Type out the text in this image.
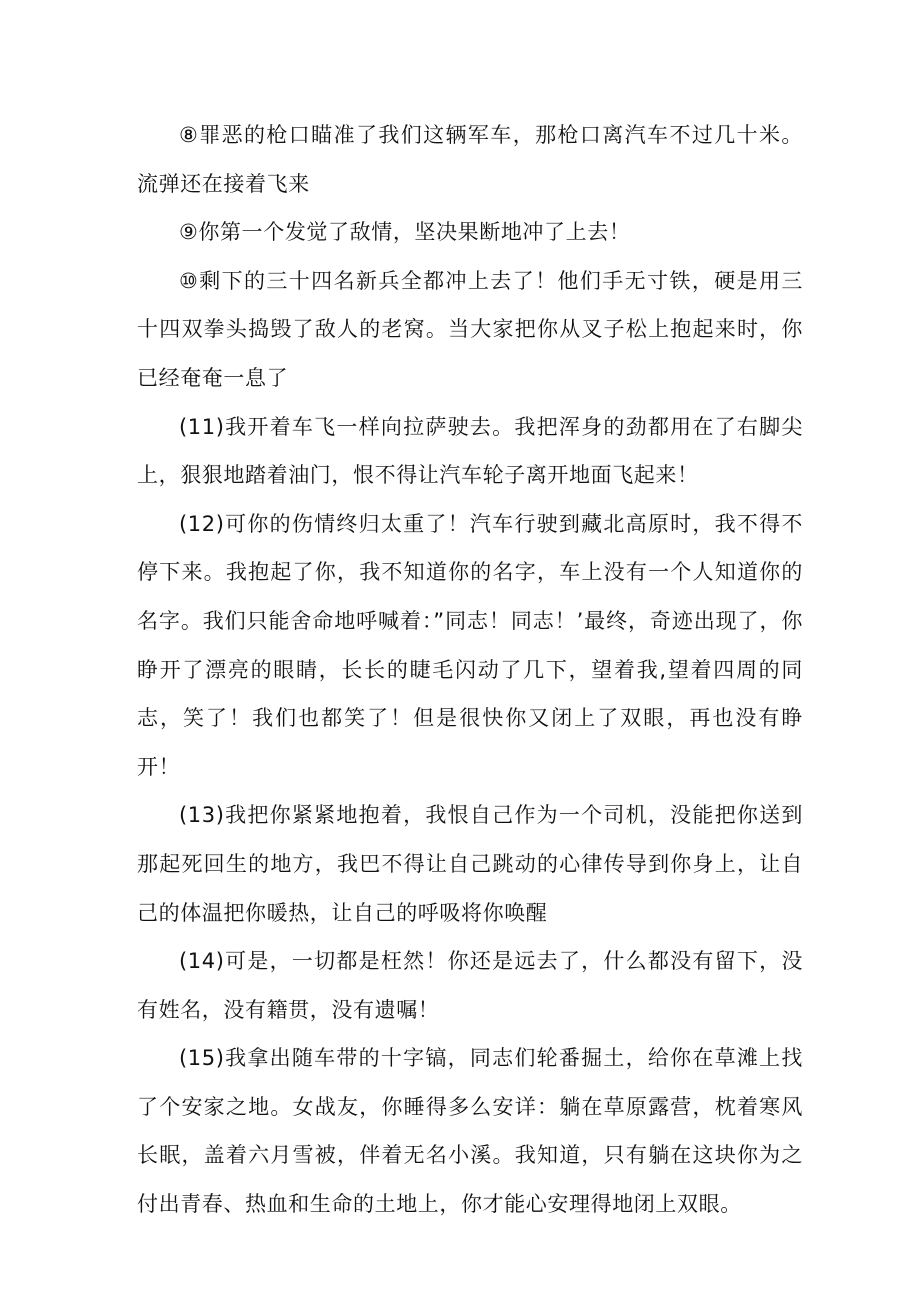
⑧罪恶的枪口瞄准了我们这辆军车，那枪口离汽车不过几十米。流弹还在接着飞来

⑨你第一个发觉了敌情，坚决果断地冲了上去！

⑩剩下的三十四名新兵全都冲上去了！他们手无寸铁，硬是用三十四双拳头捣毁了敌人的老窝。当大家把你从叉子松上抱起来时，你已经奄奄一息了

(11)我开着车飞一样向拉萨驶去。我把浑身的劲都用在了右脚尖上，狠狠地踏着油门，恨不得让汽车轮子离开地面飞起来！

(12)可你的伤情终归太重了！汽车行驶到藏北高原时，我不得不停下来。我抱起了你，我不知道你的名字，车上没有一个人知道你的名字。我们只能舍命地呼喊着：”同志！同志！’最终，奇迹出现了，你睁开了漂亮的眼睛，长长的睫毛闪动了几下，望着我,望着四周的同志，笑了！我们也都笑了！但是很快你又闭上了双眼，再也没有睁开！

(13)我把你紧紧地抱着，我恨自己作为一个司机，没能把你送到那起死回生的地方，我巴不得让自己跳动的心律传导到你身上，让自己的体温把你暖热，让自己的呼吸将你唤醒

(14)可是，一切都是枉然！你还是远去了，什么都没有留下，没有姓名，没有籍贯，没有遗嘱！

(15)我拿出随车带的十字镐，同志们轮番掘土，给你在草滩上找了个安家之地。女战友，你睡得多么安详：躺在草原露营，枕着寒风长眠，盖着六月雪被，伴着无名小溪。我知道，只有躺在这块你为之付出青春、热血和生命的土地上，你才能心安理得地闭上双眼。
